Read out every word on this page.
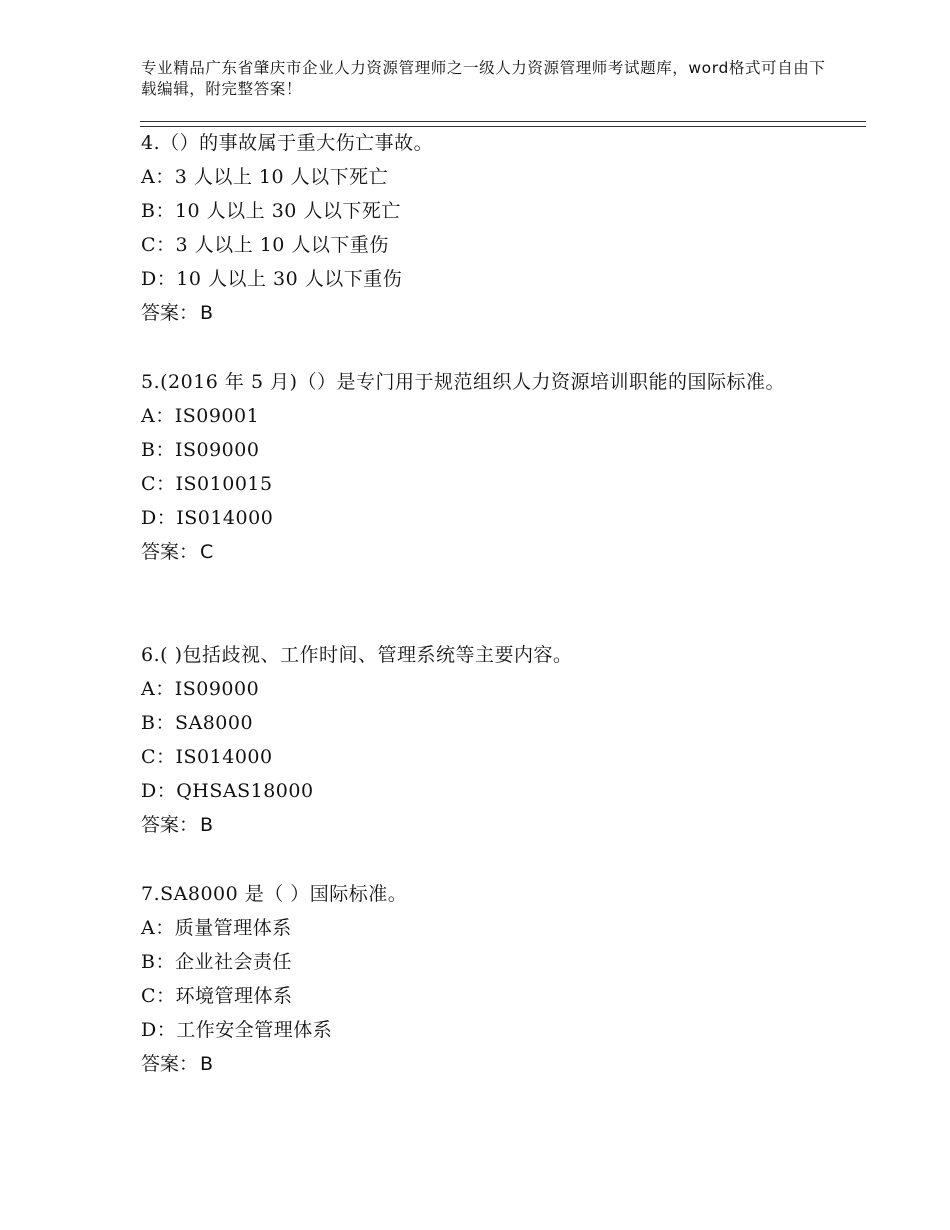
专业精品广东省肇庆市企业人力资源管理师之一级人力资源管理师考试题库，word格式可自由下载编辑，附完整答案！

4.（）的事故属于重大伤亡事故。

A：3 人以上 10 人以下死亡

B：10 人以上 30 人以下死亡

C：3 人以上 10 人以下重伤

D：10 人以上 30 人以下重伤

答案： B

5.(2016 年 5 月)（）是专门用于规范组织人力资源培训职能的国际标准。

A：IS09001

B：IS09000

C：IS010015

D：IS014000

答案： C

6.( )包括歧视、工作时间、管理系统等主要内容。

A：IS09000

B：SA8000

C：IS014000

D：QHSAS18000

答案： B

7.SA8000 是（ ）国际标准。

A：质量管理体系

B：企业社会责任

C：环境管理体系

D：工作安全管理体系

答案： B
